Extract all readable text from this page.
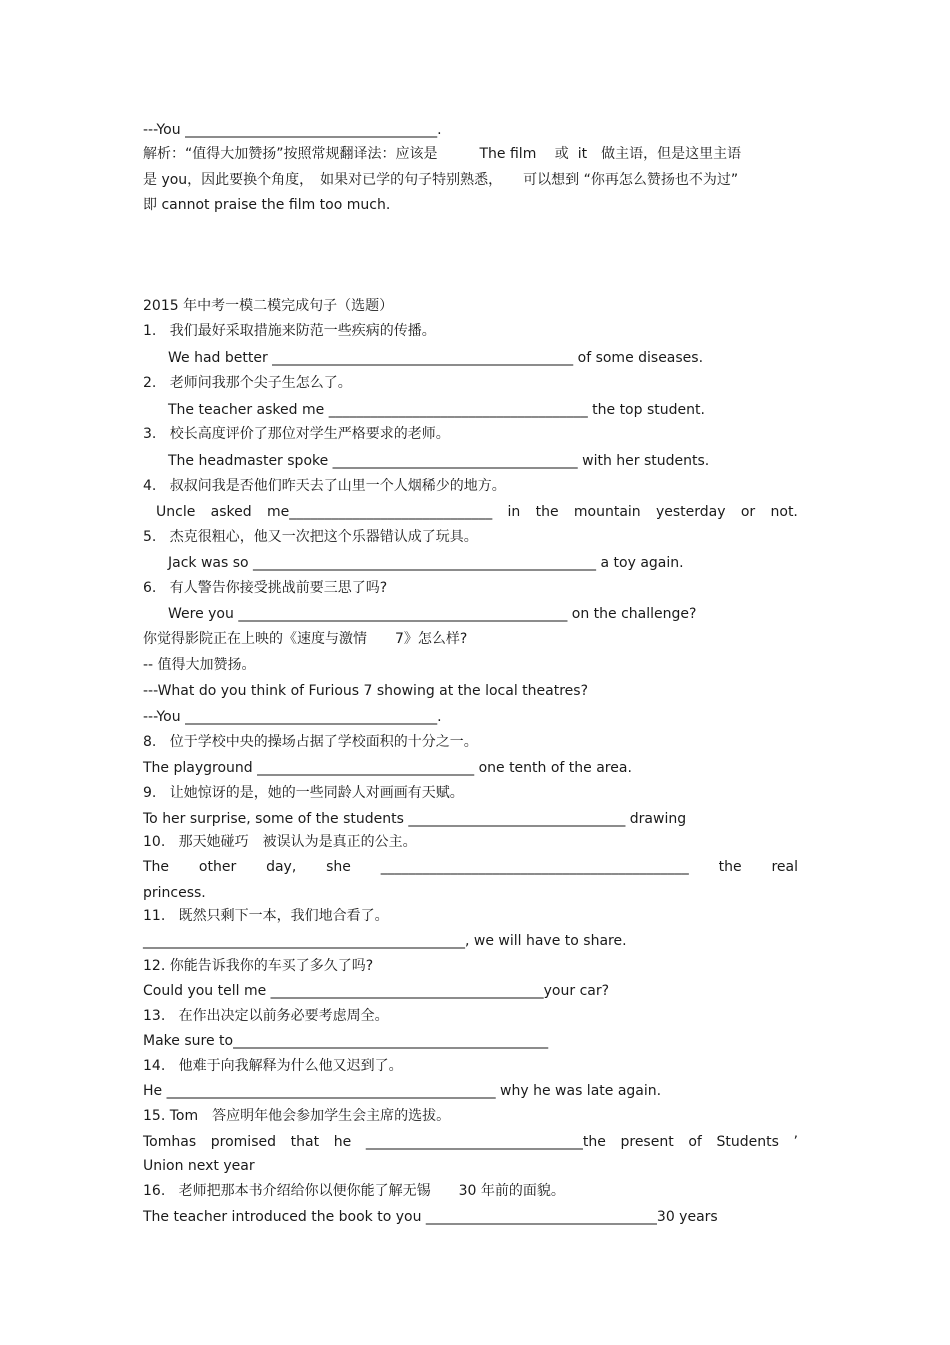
---You ____________________________________.
解析：“值得大加赞扬”按照常规翻译法：应该是　　　The film　 或  it　做主语，但是这里主语
是 you，因此要换个角度，　如果对已学的句子特别熟悉，　　可以想到 “你再怎么赞扬也不为过”
即 cannot praise the film too much.
2015 年中考一模二模完成句子（选题）
1.   我们最好采取措施来防范一些疾病的传播。
We had better ___________________________________________ of some diseases.
2.   老师问我那个尖子生怎么了。
The teacher asked me _____________________________________ the top student.
3.   校长高度评价了那位对学生严格要求的老师。
The headmaster spoke ___________________________________ with her students.
4.   叔叔问我是否他们昨天去了山里一个人烟稀少的地方。
Uncle asked me_____________________________ in the mountain yesterday or not.
5.   杰克很粗心，他又一次把这个乐器错认成了玩具。
Jack was so _________________________________________________ a toy again.
6.   有人警告你接受挑战前要三思了吗?
Were you _______________________________________________ on the challenge?
你觉得影院正在上映的《速度与激情　　7》怎么样?
-- 值得大加赞扬。
---What do you think of Furious 7 showing at the local theatres?
---You ____________________________________.
8.   位于学校中央的操场占据了学校面积的十分之一。
The playground _______________________________ one tenth of the area.
9.   让她惊讶的是，她的一些同龄人对画画有天赋。
To her surprise, some of the students _______________________________ drawing
10.   那天她碰巧　被误认为是真正的公主。
The other day, she ____________________________________________ the real
princess.
11.   既然只剩下一本，我们地合看了。
______________________________________________, we will have to share.
12. 你能告诉我你的车买了多久了吗?
Could you tell me _______________________________________your car?
13.   在作出决定以前务必要考虑周全。
Make sure to_____________________________________________
14.   他难于向我解释为什么他又迟到了。
He _______________________________________________ why he was late again.
15. Tom　答应明年他会参加学生会主席的选拔。
Tomhas promised that he _______________________________the present of Students ’
Union next year
16.   老师把那本书介绍给你以便你能了解无锡　　30 年前的面貌。
The teacher introduced the book to you _________________________________30 years
